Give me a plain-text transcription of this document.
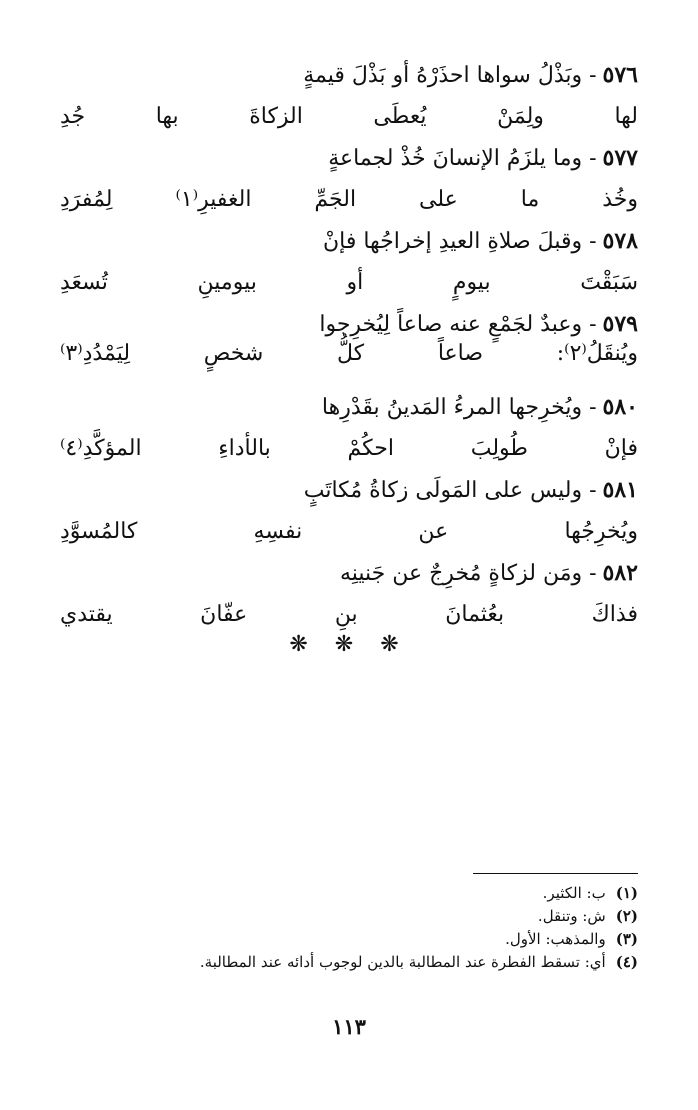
٥٧٦- وبَذْلُ سواها احذَرْهُ أو بَذْلَ قيمةٍ
لها ولِمَنْ يُعطَى الزكاةَ بها جُدِ
٥٧٧- وما يلزَمُ الإنسانَ خُذْ لجماعةٍ
وخُذ ما على الجَمِّ الغفيرِ⁽١⁾ لِمُفرَدِ
٥٧٨- وقبلَ صلاةِ العيدِ إخراجُها فإنْ
سَبَقْتَ بيومٍ أو بيومينِ تُسعَدِ
٥٧٩- وعبدٌ لجَمْعٍ عنه صاعاً لِيُخرِجوا
ويُنقَلُ⁽٢⁾: صاعاً كلُّ شخصٍ لِيَمْدُدِ⁽٣⁾
٥٨٠- ويُخرِجها المرءُ المَدينُ بقَدْرِها
فإنْ طُولِبَ احكُمْ بالأداءِ المؤكَّدِ⁽٤⁾
٥٨١- وليس على المَولَى زكاةُ مُكاتَبٍ
ويُخرِجُها عن نفسِهِ كالمُسوَّدِ
٥٨٢- ومَن لزكاةٍ مُخرِجٌ عن جَنينِه
فذاكَ بعُثمانَ بنِ عفّانَ يقتدي
❋ ❋ ❋
(١)ب: الكثير.
(٢)ش: وتنقل.
(٣)والمذهب: الأول.
(٤)أي: تسقط الفطرة عند المطالبة بالدين لوجوب أدائه عند المطالبة.
١١٣
